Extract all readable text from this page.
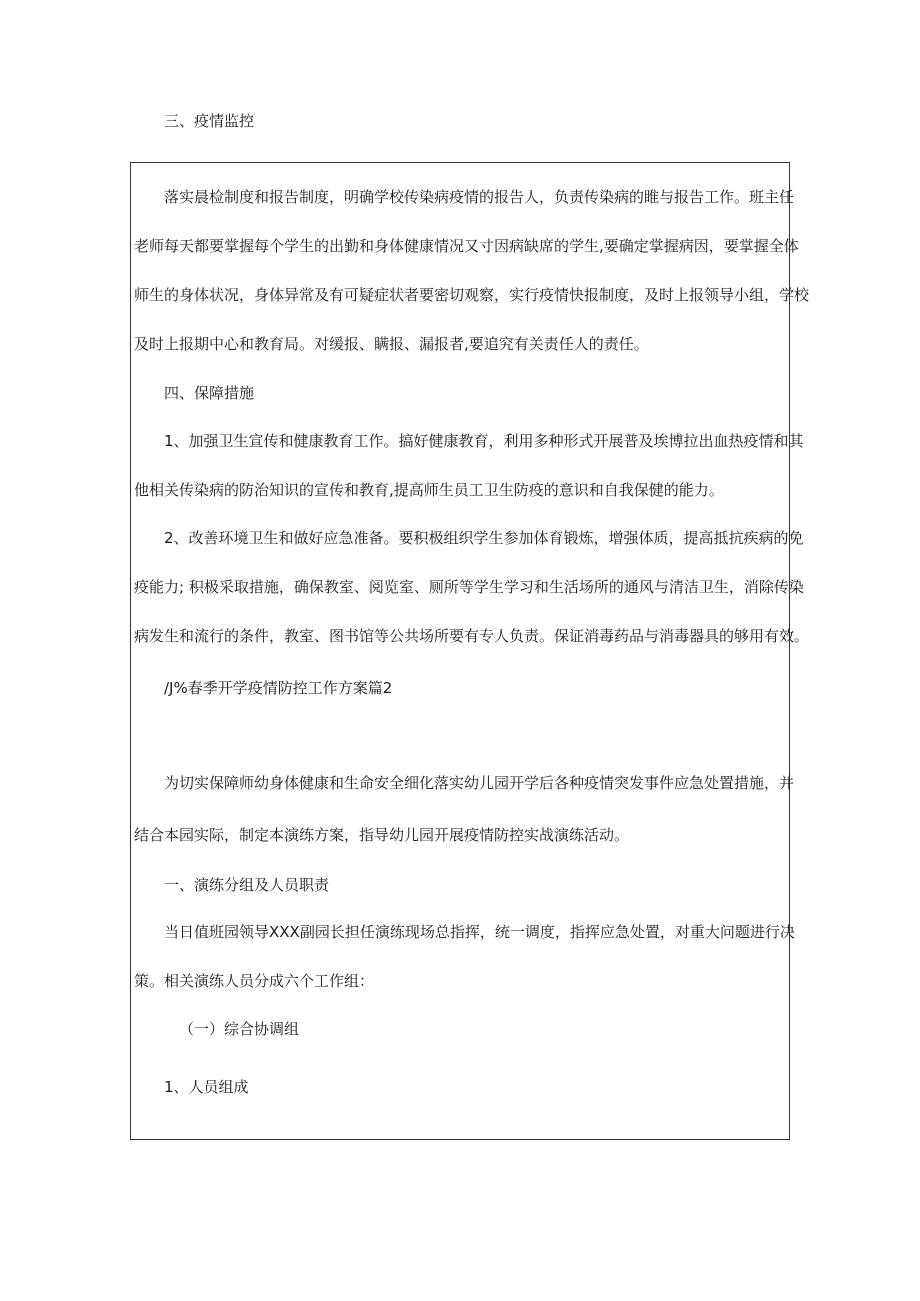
三、疫情监控
落实晨检制度和报告制度，明确学校传染病疫情的报告人，负责传染病的睢与报告工作。班主任
老师每天都要掌握每个学生的出勤和身体健康情况又寸因病缺席的学生,要确定掌握病因，要掌握全体
师生的身体状况，身体异常及有可疑症状者要密切观察，实行疫情快报制度，及时上报领导小组，学校
及时上报期中心和教育局。对缓报、瞒报、漏报者,要追究有关责任人的责任。
四、保障措施
1、加强卫生宣传和健康教育工作。搞好健康教育，利用多种形式开展普及埃博拉出血热疫情和其
他相关传染病的防治知识的宣传和教育,提高师生员工卫生防疫的意识和自我保健的能力。
2、改善环境卫生和做好应急准备。要积极组织学生参加体育锻炼，增强体质，提高抵抗疾病的免
疫能力; 积极采取措施，确保教室、阅览室、厕所等学生学习和生活场所的通风与清洁卫生，消除传染
病发生和流行的条件，教室、图书馆等公共场所要有专人负责。保证消毒药品与消毒器具的够用有效。
/J%春季开学疫情防控工作方案篇2
为切实保障师幼身体健康和生命安全细化落实幼儿园开学后各种疫情突发事件应急处置措施，并
结合本园实际，制定本演练方案，指导幼儿园开展疫情防控实战演练活动。
一、演练分组及人员职责
当日值班园领导XXX副园长担任演练现场总指挥，统一调度，指挥应急处置，对重大问题进行决
策。相关演练人员分成六个工作组：
（一）综合协调组
1、人员组成
